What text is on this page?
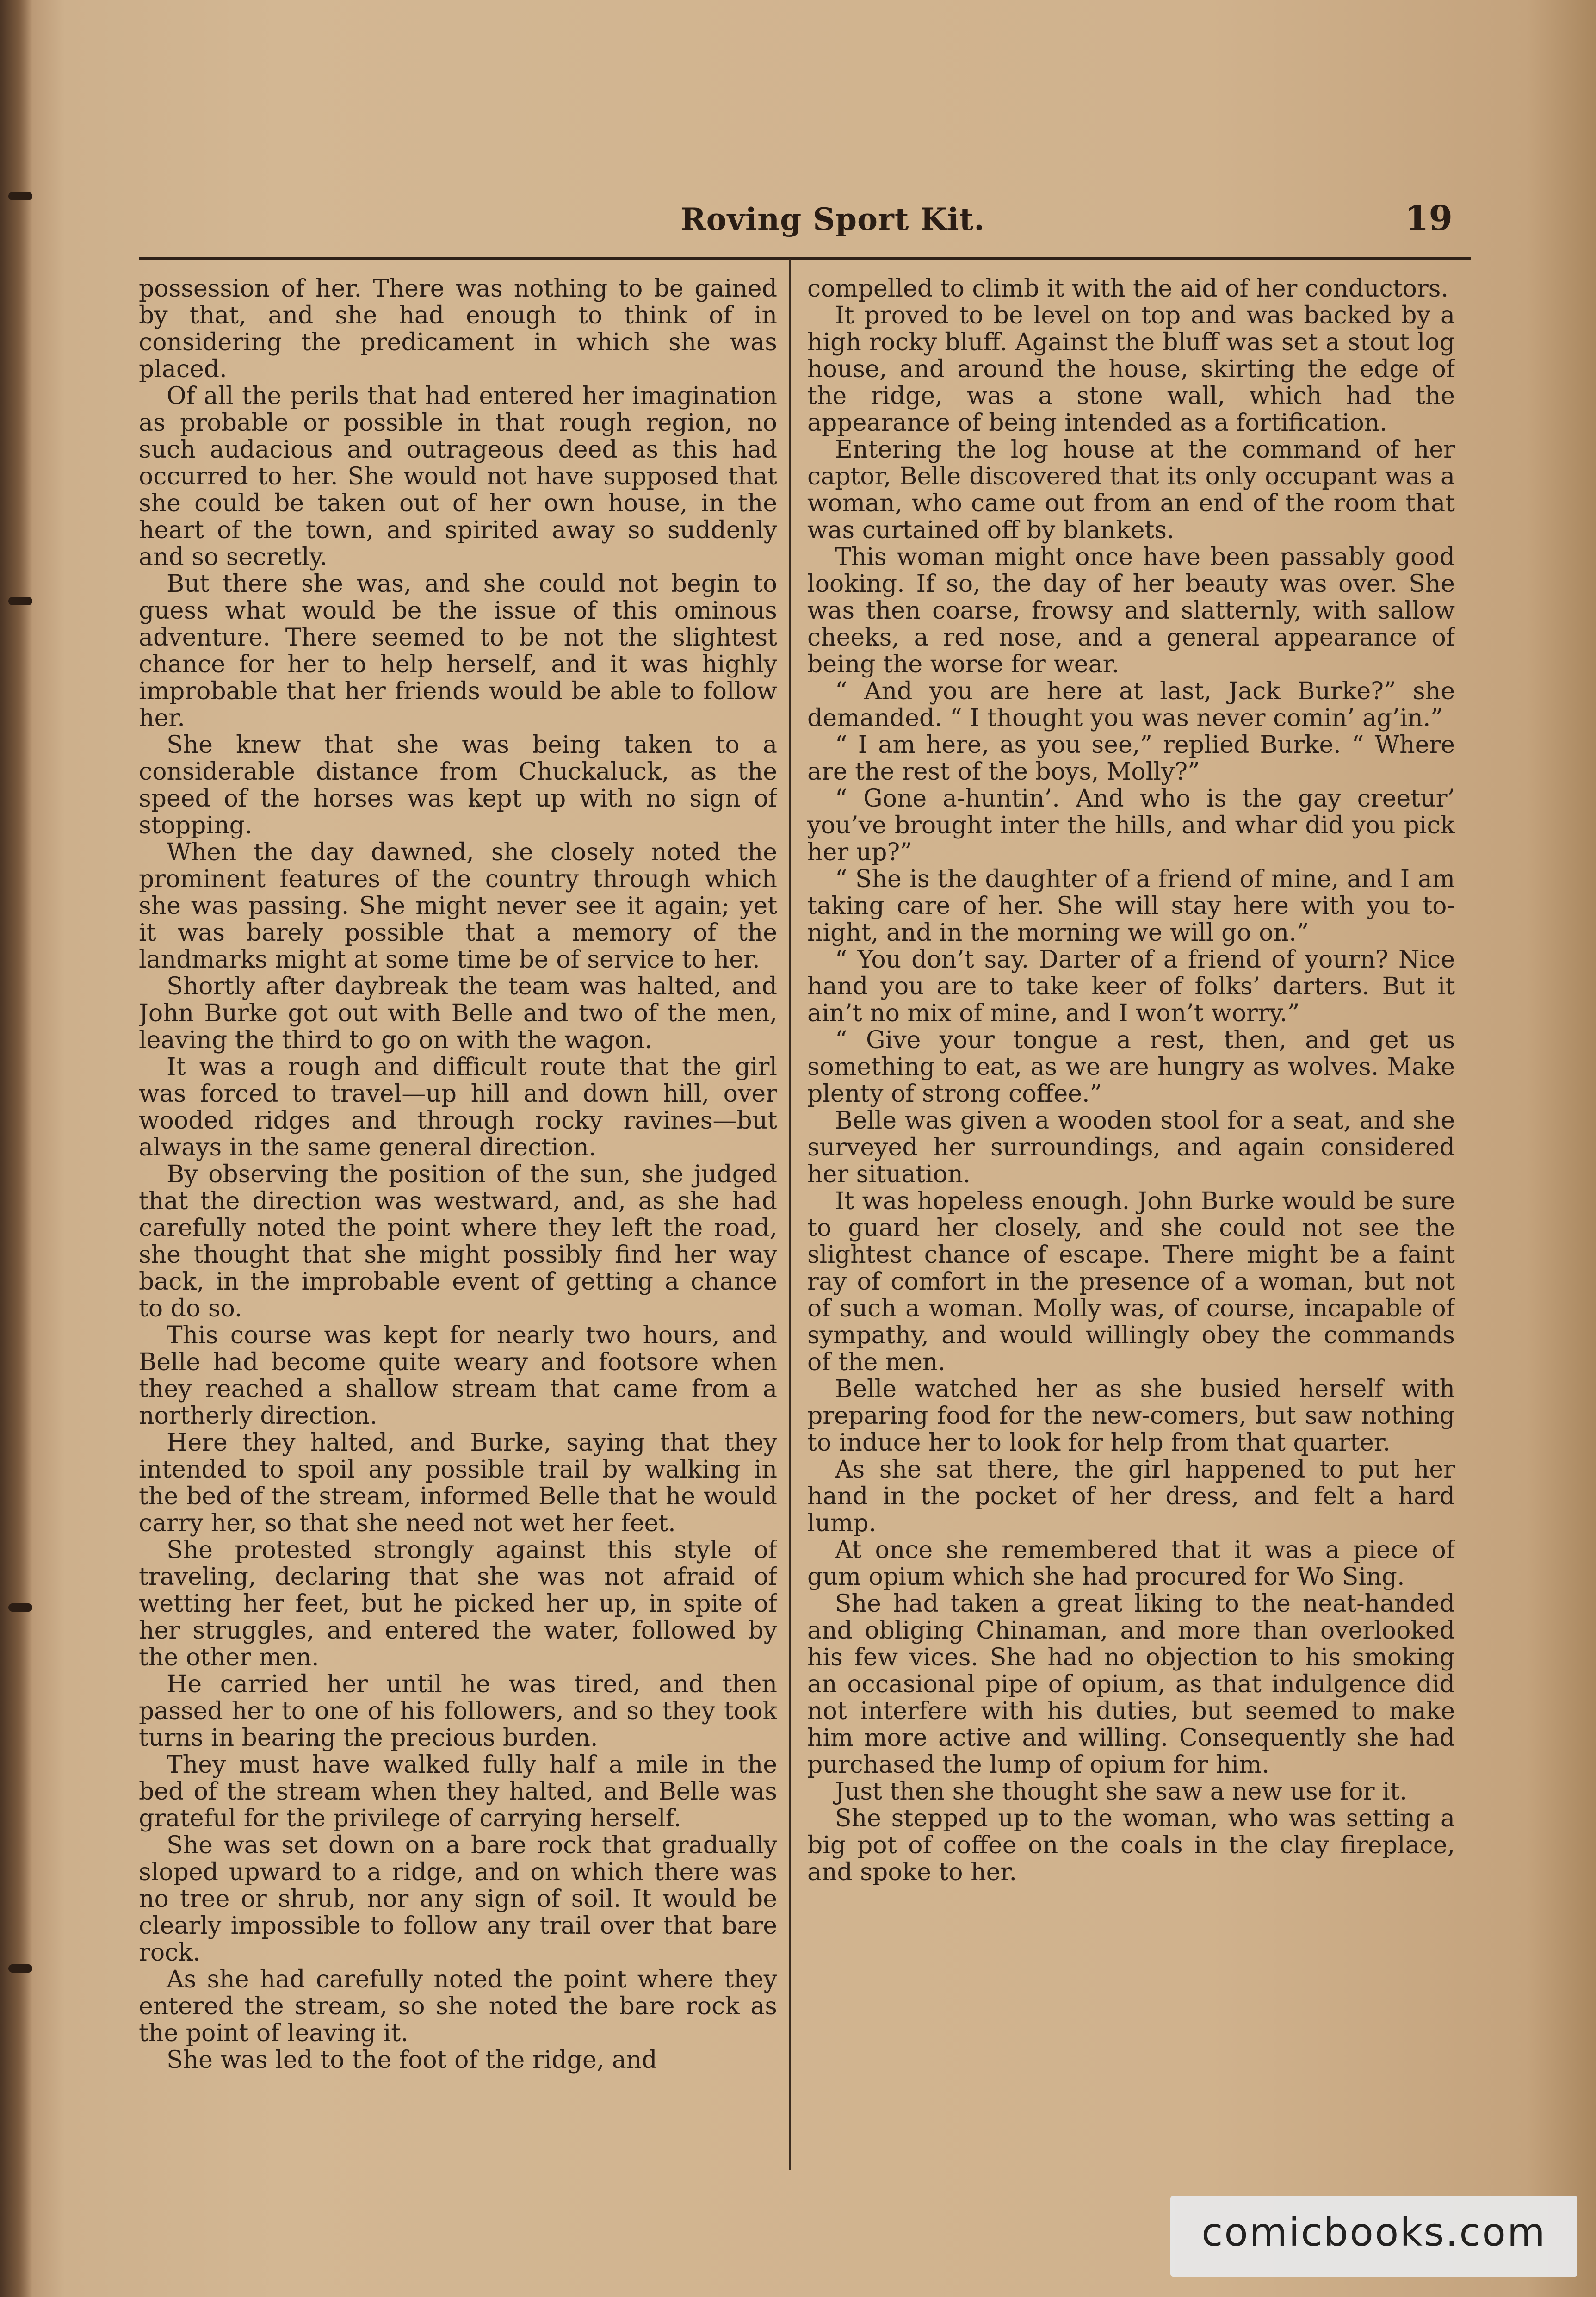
Roving Sport Kit.	19

possession of her. There was nothing to be gained by that, and she had enough to think of in considering the predicament in which she was placed.

Of all the perils that had entered her imagination as probable or possible in that rough region, no such audacious and outrageous deed as this had occurred to her. She would not have supposed that she could be taken out of her own house, in the heart of the town, and spirited away so suddenly and so secretly.

But there she was, and she could not begin to guess what would be the issue of this ominous adventure. There seemed to be not the slightest chance for her to help herself, and it was highly improbable that her friends would be able to follow her.

She knew that she was being taken to a considerable distance from Chuckaluck, as the speed of the horses was kept up with no sign of stopping.

When the day dawned, she closely noted the prominent features of the country through which she was passing. She might never see it again; yet it was barely possible that a memory of the landmarks might at some time be of service to her.

Shortly after daybreak the team was halted, and John Burke got out with Belle and two of the men, leaving the third to go on with the wagon.

It was a rough and difficult route that the girl was forced to travel—up hill and down hill, over wooded ridges and through rocky ravines—but always in the same general direction.

By observing the position of the sun, she judged that the direction was westward, and, as she had carefully noted the point where they left the road, she thought that she might possibly find her way back, in the improbable event of getting a chance to do so.

This course was kept for nearly two hours, and Belle had become quite weary and footsore when they reached a shallow stream that came from a northerly direction.

Here they halted, and Burke, saying that they intended to spoil any possible trail by walking in the bed of the stream, informed Belle that he would carry her, so that she need not wet her feet.

She protested strongly against this style of traveling, declaring that she was not afraid of wetting her feet, but he picked her up, in spite of her struggles, and entered the water, followed by the other men.

He carried her until he was tired, and then passed her to one of his followers, and so they took turns in bearing the precious burden.

They must have walked fully half a mile in the bed of the stream when they halted, and Belle was grateful for the privilege of carrying herself.

She was set down on a bare rock that gradually sloped upward to a ridge, and on which there was no tree or shrub, nor any sign of soil. It would be clearly impossible to follow any trail over that bare rock.

As she had carefully noted the point where they entered the stream, so she noted the bare rock as the point of leaving it.

She was led to the foot of the ridge, and

compelled to climb it with the aid of her conductors.

It proved to be level on top and was backed by a high rocky bluff. Against the bluff was set a stout log house, and around the house, skirting the edge of the ridge, was a stone wall, which had the appearance of being intended as a fortification.

Entering the log house at the command of her captor, Belle discovered that its only occupant was a woman, who came out from an end of the room that was curtained off by blankets.

This woman might once have been passably good looking. If so, the day of her beauty was over. She was then coarse, frowsy and slatternly, with sallow cheeks, a red nose, and a general appearance of being the worse for wear.

“ And you are here at last, Jack Burke?” she demanded. “ I thought you was never comin’ ag’in.”

“ I am here, as you see,” replied Burke. “ Where are the rest of the boys, Molly?”

“ Gone a-huntin’. And who is the gay creetur’ you’ve brought inter the hills, and whar did you pick her up?”

“ She is the daughter of a friend of mine, and I am taking care of her. She will stay here with you to-night, and in the morning we will go on.”

“ You don’t say. Darter of a friend of yourn? Nice hand you are to take keer of folks’ darters. But it ain’t no mix of mine, and I won’t worry.”

“ Give your tongue a rest, then, and get us something to eat, as we are hungry as wolves. Make plenty of strong coffee.”

Belle was given a wooden stool for a seat, and she surveyed her surroundings, and again considered her situation.

It was hopeless enough. John Burke would be sure to guard her closely, and she could not see the slightest chance of escape. There might be a faint ray of comfort in the presence of a woman, but not of such a woman. Molly was, of course, incapable of sympathy, and would willingly obey the commands of the men.

Belle watched her as she busied herself with preparing food for the new-comers, but saw nothing to induce her to look for help from that quarter.

As she sat there, the girl happened to put her hand in the pocket of her dress, and felt a hard lump.

At once she remembered that it was a piece of gum opium which she had procured for Wo Sing.

She had taken a great liking to the neat-handed and obliging Chinaman, and more than overlooked his few vices. She had no objection to his smoking an occasional pipe of opium, as that indulgence did not interfere with his duties, but seemed to make him more active and willing. Consequently she had purchased the lump of opium for him.

Just then she thought she saw a new use for it.

She stepped up to the woman, who was setting a big pot of coffee on the coals in the clay fireplace, and spoke to her.

comicbooks.com
